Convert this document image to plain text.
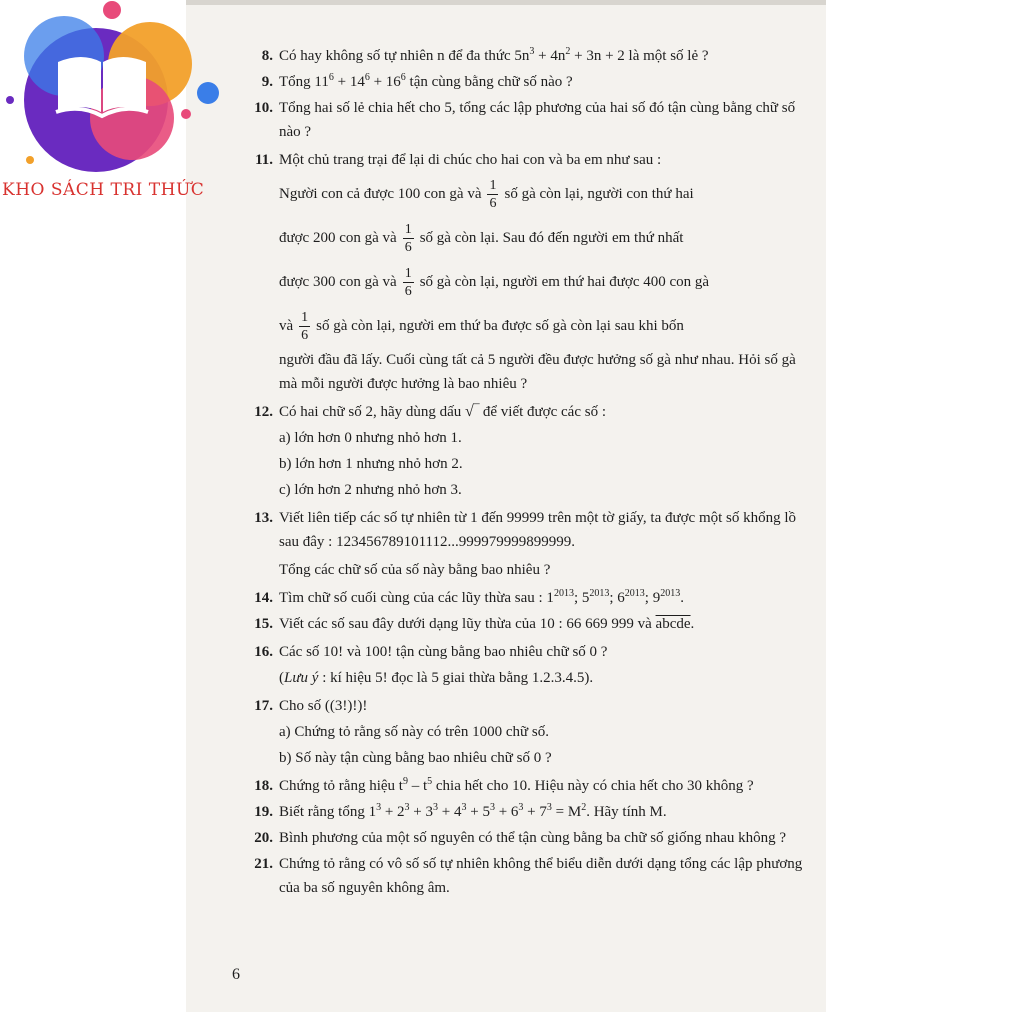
KHO SÁCH TRI THỨC
8. Có hay không số tự nhiên n để đa thức $5n^3 + 4n^2 + 3n + 2$ là một số lẻ ?
9. Tổng $11^6 + 14^6 + 16^6$ tận cùng bằng chữ số nào ?
10. Tổng hai số lẻ chia hết cho 5, tổng các lập phương của hai số đó tận cùng bằng chữ số nào ?
11. Một chủ trang trại để lại di chúc cho hai con và ba em như sau :
Người con cả được 100 con gà và $\frac{1}{6}$ số gà còn lại, người con thứ hai
được 200 con gà và $\frac{1}{6}$ số gà còn lại. Sau đó đến người em thứ nhất
được 300 con gà và $\frac{1}{6}$ số gà còn lại, người em thứ hai được 400 con gà
và $\frac{1}{6}$ số gà còn lại, người em thứ ba được số gà còn lại sau khi bốn
người đầu đã lấy. Cuối cùng tất cả 5 người đều được hưởng số gà như nhau. Hỏi số gà mà mỗi người được hưởng là bao nhiêu ?
12. Có hai chữ số 2, hãy dùng dấu √‾ để viết được các số :
a) lớn hơn 0 nhưng nhỏ hơn 1.
b) lớn hơn 1 nhưng nhỏ hơn 2.
c) lớn hơn 2 nhưng nhỏ hơn 3.
13. Viết liên tiếp các số tự nhiên từ 1 đến 99999 trên một tờ giấy, ta được một số khổng lồ sau đây : 123456789101112...999979999899999.
Tổng các chữ số của số này bằng bao nhiêu ?
14. Tìm chữ số cuối cùng của các lũy thừa sau : $1^{2013}$; $5^{2013}$; $6^{2013}$; $9^{2013}$.
15. Viết các số sau đây dưới dạng lũy thừa của 10 : 66 669 999 và abcde.
16. Các số 10! và 100! tận cùng bằng bao nhiêu chữ số 0 ?
(Lưu ý : kí hiệu 5! đọc là 5 giai thừa bằng 1.2.3.4.5).
17. Cho số ((3!)!)!
a) Chứng tỏ rằng số này có trên 1000 chữ số.
b) Số này tận cùng bằng bao nhiêu chữ số 0 ?
18. Chứng tỏ rằng hiệu $t^9 - t^5$ chia hết cho 10. Hiệu này có chia hết cho 30 không ?
19. Biết rằng tổng $1^3 + 2^3 + 3^3 + 4^3 + 5^3 + 6^3 + 7^3 = M^2$. Hãy tính M.
20. Bình phương của một số nguyên có thể tận cùng bằng ba chữ số giống nhau không ?
21. Chứng tỏ rằng có vô số số tự nhiên không thể biểu diễn dưới dạng tổng các lập phương của ba số nguyên không âm.
6
